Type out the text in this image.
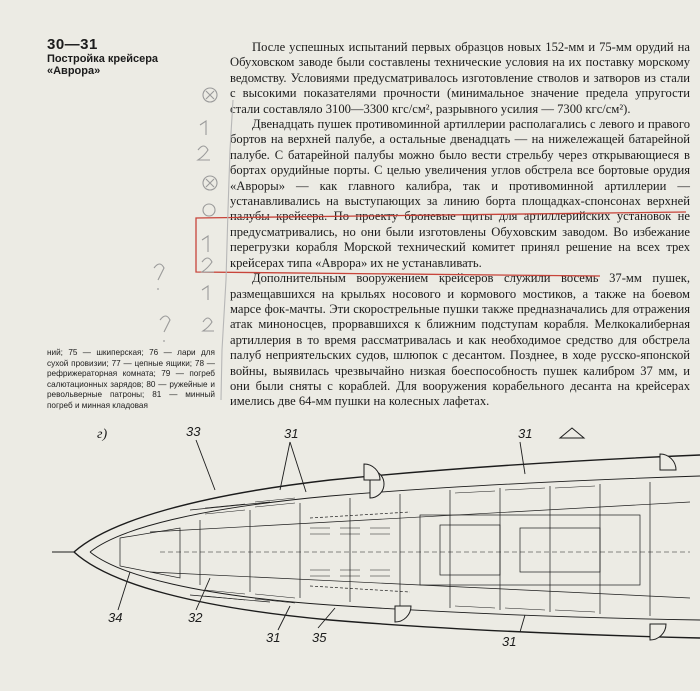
30—31
Постройка крейсера «Аврора»
ний; 75 — шкиперская; 76 — лари для сухой провизии; 77 — цепные ящики; 78 — рефрижераторная комната; 79 — погреб салютационных зарядов; 80 — ружейные и револьверные патроны; 81 — минный погреб и минная кладовая

После успешных испытаний первых образцов новых 152-мм и 75-мм орудий на Обуховском заводе были составлены технические условия на их поставку морскому ведомству. Условиями предусматривалось изготовление стволов и затворов из стали с высокими показателями прочности (минимальное значение предела упругости стали составляло 3100—3300 кгс/см², разрывного усилия — 7300 кгс/см²).

Двенадцать пушек противоминной артиллерии располагались с левого и правого бортов на верхней палубе, а остальные двенадцать — на нижележащей батарейной палубе. С батарейной палубы можно было вести стрельбу через открывающиеся в бортах орудийные порты. С целью увеличения углов обстрела все бортовые орудия «Авроры» — как главного калибра, так и противоминной артиллерии — устанавливались на выступающих за линию борта площадках-спонсонах верхней палубы крейсера. По проекту броневые щиты для артиллерийских установок не предусматривались, но они были изготовлены Обуховским заводом. Во избежание перегрузки корабля Морской технический комитет принял решение на всех трех крейсерах типа «Аврора» их не устанавливать.

Дополнительным вооружением крейсеров служили восемь 37-мм пушек, размещавшихся на крыльях носового и кормового мостиков, а также на боевом марсе фок-мачты. Эти скорострельные пушки также предназначались для отражения атак миноносцев, прорвавшихся к ближним подступам корабля. Мелкокалиберная артиллерия в то время рассматривалась и как необходимое средство для обстрела палуб неприятельских судов, шлюпок с десантом. Позднее, в ходе русско-японской войны, выявилась чрезвычайно низкая боеспособность пушек калибром 37 мм, и они были сняты с кораблей. Для вооружения корабельного десанта на крейсерах имелись две 64-мм пушки на колесных лафетах.

г)	33	31	31
34	32
31 35	31
